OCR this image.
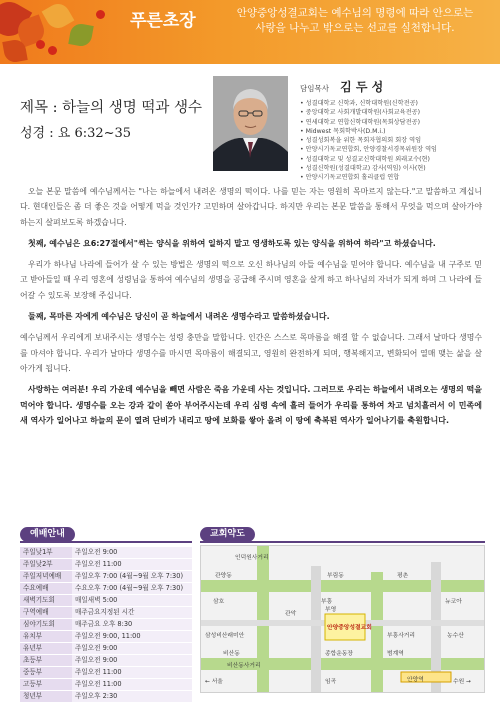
푸른초장	안양중앙성결교회는 예수님의 명령에 따라 안으로는
사랑을 나누고 밖으로는 선교를 실천합니다.
제목 : 하늘의 생명 떡과 생수
성경 : 요 6:32~35
담임목사 김 두 성
• 성결대학교 신학과, 신학대학원(신학전공)
• 중앙대학교 사회개발대학원(사회교육전공)
• 연세대학교 연합신학대학원(목회상담전공)
• Midwest 목회학박사(D.M.i.)
• 성결성회복을 위한 목회자협의회 회장 역임
• 안양시기독교연합회, 안양경찰서경목위원장 역임
• 성결대학교 및 성결교신학대학원 외래교수(현)
• 성결신학원(성결대학교) 감사(역임) 이사(현)
• 안양시기독교연합회 홀리클럽 연합

오늘 본문 말씀에 예수님께서는 "나는 하늘에서 내려온 생명의 떡이다. 나를 믿는 자는 영원히 목마르지 않는다."고 말씀하고 계십니다. 현대인들은 좀 더 좋은 것을 어떻게 먹을 것인가? 고민하며 살아갑니다. 하지만 우리는 본문 말씀을 통해서 무엇을 먹으며 살아가야 하는지 살펴보도록 하겠습니다.

첫째, 예수님은 요6:27절에서"썩는 양식을 위하여 일하지 말고 영생하도록 있는 양식을 위하여 하라"고 하셨습니다.

우리가 하나님 나라에 들어가 살 수 있는 방법은 생명의 떡으로 오신 하나님의 아들 예수님을 믿어야 합니다. 예수님을 내 구주로 믿고 받아들일 때 우리 영혼에 성령님을 통하여 예수님의 생명을 공급해 주시며 영혼을 살게 하고 하나님의 자녀가 되게 하며 그 나라에 들어갈 수 있도록 보장해 주십니다.

둘째, 목마른 자에게 예수님은 당신이 곧 하늘에서 내려온 생명수라고 말씀하셨습니다.

예수님께서 우리에게 보내주시는 생명수는 성령 충만을 말합니다. 인간은 스스로 목마름을 해결 할 수 없습니다. 그래서 날마다 생명수를 마셔야 합니다. 우리가 날마다 생명수를 마시면 목마름이 해결되고, 영원히 완전하게 되며, 행복해지고, 변화되어 열매 맺는 삶을 살아가게 됩니다.

사랑하는 여러분! 우리 가운데 예수님을 빼면 사람은 죽음 가운데 사는 것입니다. 그러므로 우리는 하늘에서 내려오는 생명의 떡을 먹어야 합니다. 생명수를 오는 강과 같이 쏟아 부어주시는데 우리 심령 속에 흘러 들어가 우리를 통하여 차고 넘치흘러서 이 민족에 새 역사가 일어나고 하늘의 문이 열려 단비가 내리고 땅에 보화를 쌓아 올려 이 땅에 축복된 역사가 일어나기를 축원합니다.

예배안내
주일낮1부	주일오전 9:00
주일낮2부	주일오전 11:00
주일저녁예배	주일오후 7:00 (4월~9월 오후 7:30)
수요예배	수요오후 7:00 (4월~9월 오후 7:30)
새벽기도회	매일새벽 5:00
구역예배	매주금요지정된 시간
심야기도회	매주금요 오후 8:30
유치부	주일오전 9:00, 11:00
유년부	주일오전 9:00
초등부	주일오전 9:00
중등부	주일오전 11:00
고등부	주일오전 11:00
청년부	주일오후 2:30
교회약도
인덕원사거리
관양동	부림동	평촌
삼호	부흥	뉴코아
삼성비산래미안
관악
부영
안양중앙성결교회
부흥사거리	농수산
비산동	종합운동장	범계역
← 서울
비산동사거리
임곡	안양역	수원 →
